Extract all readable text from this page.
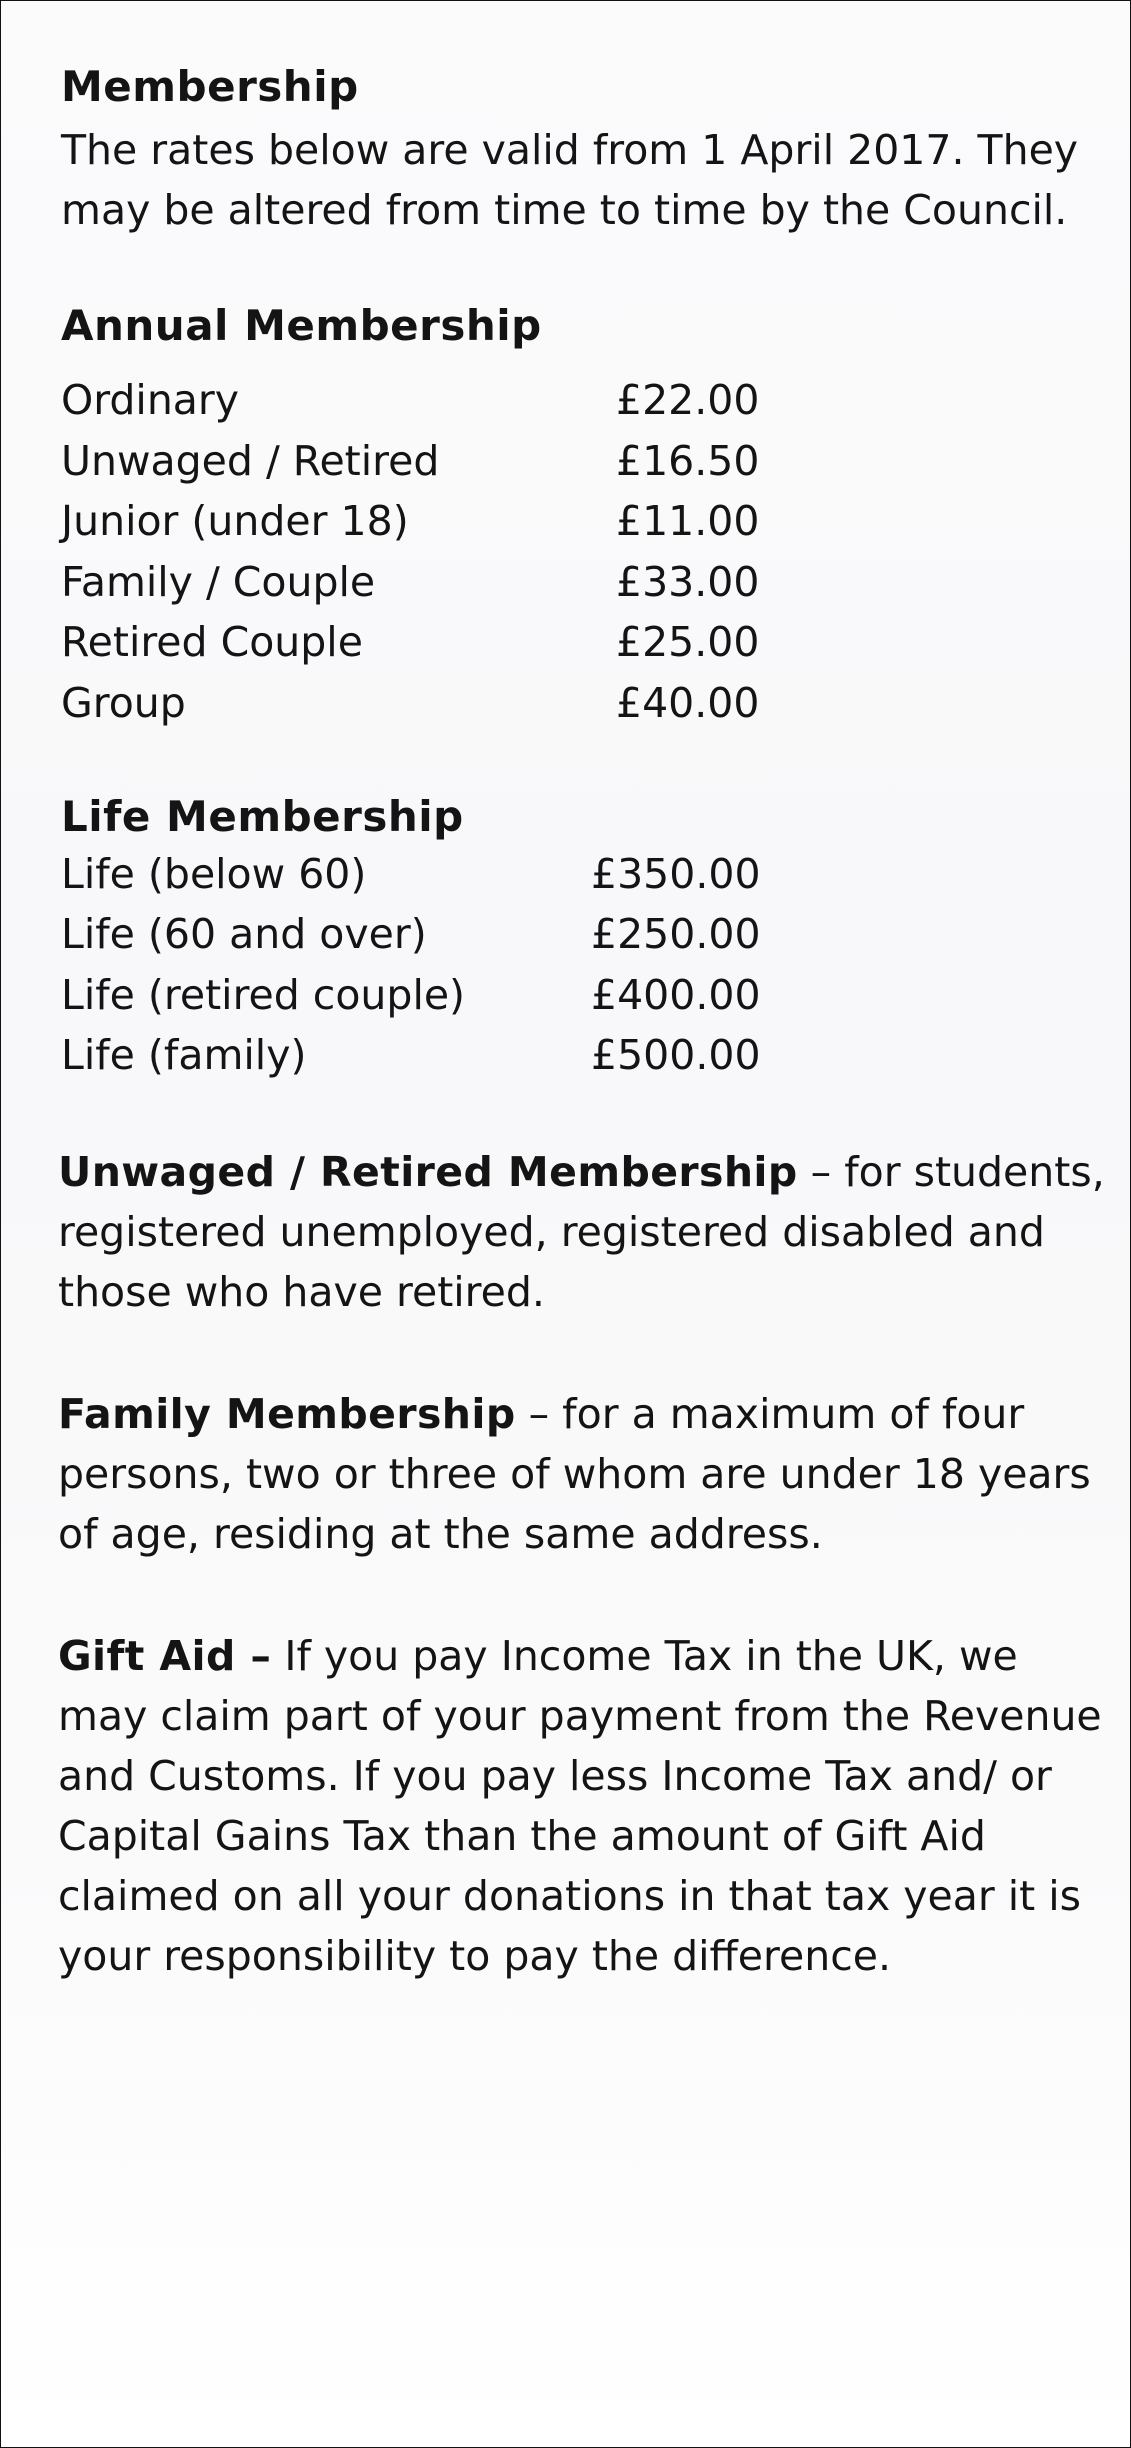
Membership

The rates below are valid from 1 April 2017. They may be altered from time to time by the Council.

Annual Membership
Ordinary	£22.00
Unwaged / Retired	£16.50
Junior (under 18)	£11.00
Family / Couple	£33.00
Retired Couple	£25.00
Group	£40.00
Life Membership
Life (below 60)	£350.00
Life (60 and over)	£250.00
Life (retired couple)	£400.00
Life (family)	£500.00

Unwaged / Retired Membership – for students, registered unemployed, registered disabled and those who have retired.

Family Membership – for a maximum of four persons, two or three of whom are under 18 years of age, residing at the same address.

Gift Aid – If you pay Income Tax in the UK, we may claim part of your payment from the Revenue and Customs. If you pay less Income Tax and/ or Capital Gains Tax than the amount of Gift Aid claimed on all your donations in that tax year it is your responsibility to pay the difference.
